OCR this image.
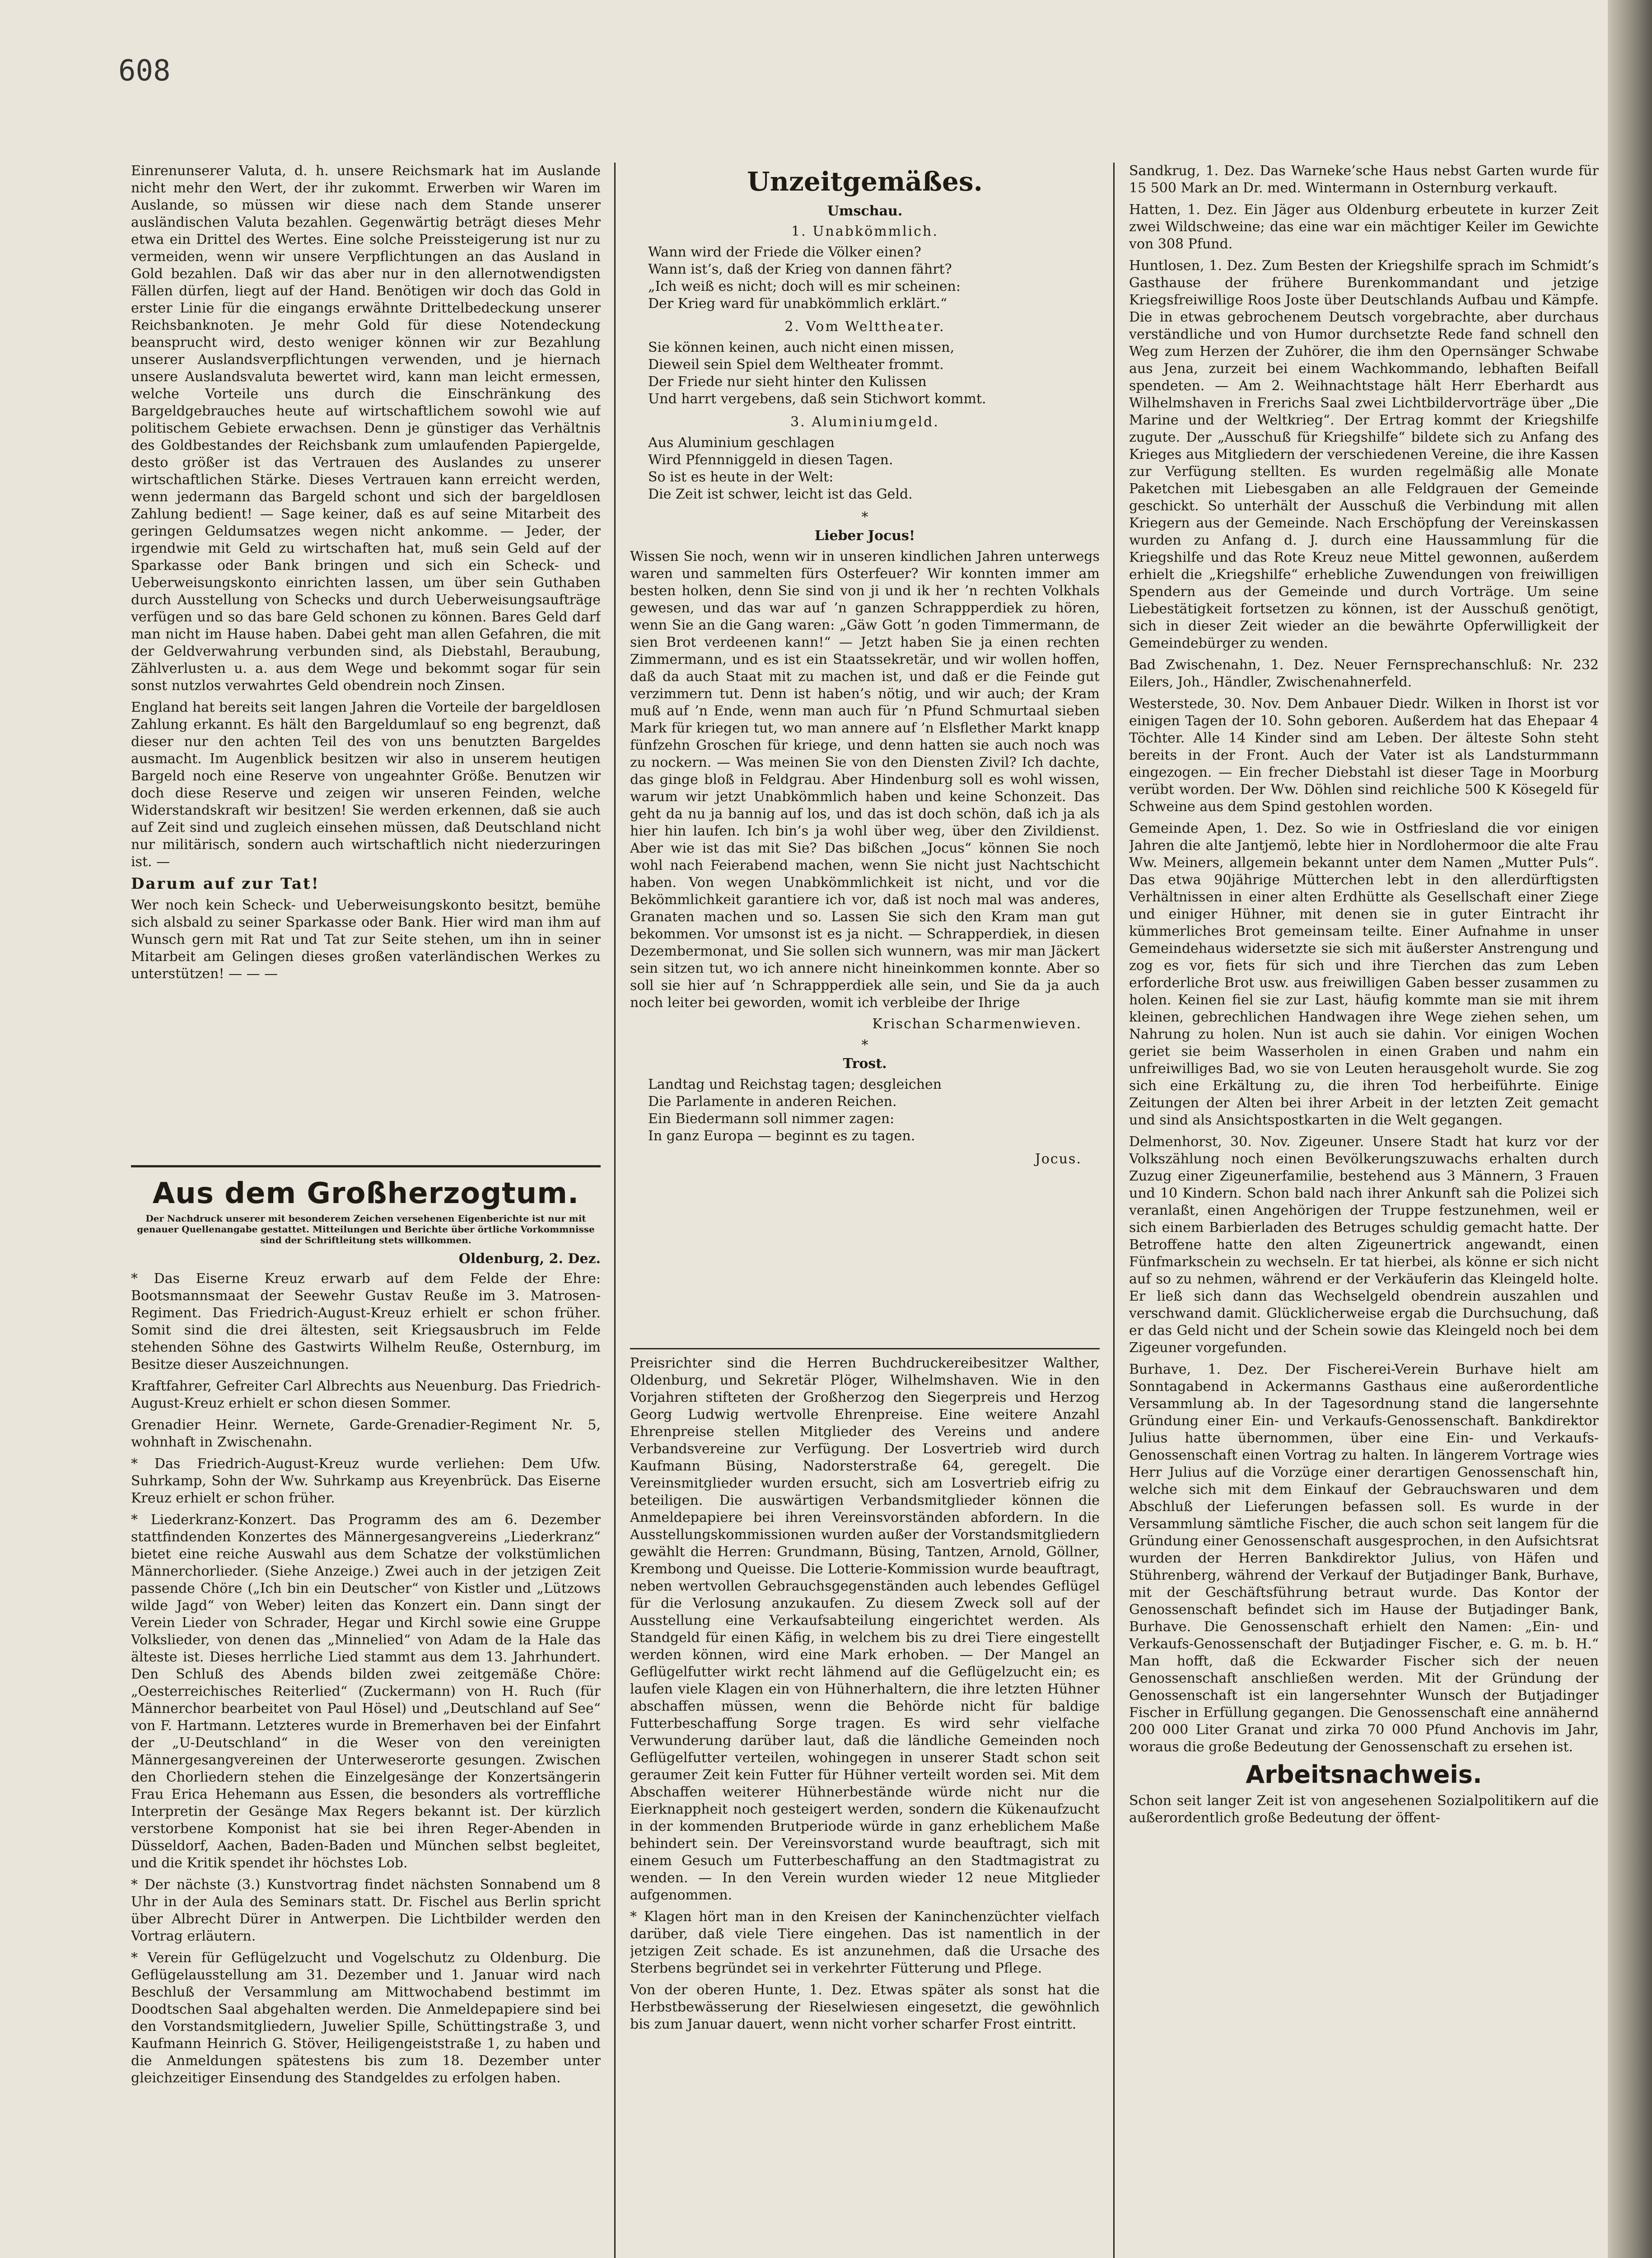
608

Einrenunserer Valuta, d. h. unsere Reichsmark hat im Auslande nicht mehr den Wert, der ihr zukommt. Erwerben wir Waren im Auslande, so müssen wir diese nach dem Stande unserer ausländischen Valuta bezahlen. Gegenwärtig beträgt dieses Mehr etwa ein Drittel des Wertes. Eine solche Preissteigerung ist nur zu vermeiden, wenn wir unsere Verpflichtungen an das Ausland in Gold bezahlen. Daß wir das aber nur in den allernotwendigsten Fällen dürfen, liegt auf der Hand. Benötigen wir doch das Gold in erster Linie für die eingangs erwähnte Drittelbedeckung unserer Reichsbanknoten. Je mehr Gold für diese Notendeckung beansprucht wird, desto weniger können wir zur Bezahlung unserer Auslandsverpflichtungen verwenden, und je hiernach unsere Auslandsvaluta bewertet wird, kann man leicht ermessen, welche Vorteile uns durch die Einschränkung des Bargeldgebrauches heute auf wirtschaftlichem sowohl wie auf politischem Gebiete erwachsen. Denn je günstiger das Verhältnis des Goldbestandes der Reichsbank zum umlaufenden Papiergelde, desto größer ist das Vertrauen des Auslandes zu unserer wirtschaftlichen Stärke. Dieses Vertrauen kann erreicht werden, wenn jedermann das Bargeld schont und sich der bargeldlosen Zahlung bedient! — Sage keiner, daß es auf seine Mitarbeit des geringen Geldumsatzes wegen nicht ankomme. — Jeder, der irgendwie mit Geld zu wirtschaften hat, muß sein Geld auf der Sparkasse oder Bank bringen und sich ein Scheck- und Ueberweisungskonto einrichten lassen, um über sein Guthaben durch Ausstellung von Schecks und durch Ueberweisungsaufträge verfügen und so das bare Geld schonen zu können. Bares Geld darf man nicht im Hause haben. Dabei geht man allen Gefahren, die mit der Geldverwahrung verbunden sind, als Diebstahl, Beraubung, Zählverlusten u. a. aus dem Wege und bekommt sogar für sein sonst nutzlos verwahrtes Geld obendrein noch Zinsen.

England hat bereits seit langen Jahren die Vorteile der bargeldlosen Zahlung erkannt. Es hält den Bargeldumlauf so eng begrenzt, daß dieser nur den achten Teil des von uns benutzten Bargeldes ausmacht. Im Augenblick besitzen wir also in unserem heutigen Bargeld noch eine Reserve von ungeahnter Größe. Benutzen wir doch diese Reserve und zeigen wir unseren Feinden, welche Widerstandskraft wir besitzen! Sie werden erkennen, daß sie auch auf Zeit sind und zugleich einsehen müssen, daß Deutschland nicht nur militärisch, sondern auch wirtschaftlich nicht niederzuringen ist. —

Darum auf zur Tat!

Wer noch kein Scheck- und Ueberweisungskonto besitzt, bemühe sich alsbald zu seiner Sparkasse oder Bank. Hier wird man ihm auf Wunsch gern mit Rat und Tat zur Seite stehen, um ihn in seiner Mitarbeit am Gelingen dieses großen vaterländischen Werkes zu unterstützen! — — —

Aus dem Großherzogtum.
Der Nachdruck unserer mit besonderem Zeichen versehenen Eigenberichte ist nur mit genauer Quellenangabe gestattet. Mitteilungen und Berichte über örtliche Vorkommnisse sind der Schriftleitung stets willkommen.
Oldenburg, 2. Dez.

* Das Eiserne Kreuz erwarb auf dem Felde der Ehre: Bootsmannsmaat der Seewehr Gustav Reuße im 3. Matrosen-Regiment. Das Friedrich-August-Kreuz erhielt er schon früher. Somit sind die drei ältesten, seit Kriegsausbruch im Felde stehenden Söhne des Gastwirts Wilhelm Reuße, Osternburg, im Besitze dieser Auszeichnungen.

Kraftfahrer, Gefreiter Carl Albrechts aus Neuenburg. Das Friedrich-August-Kreuz erhielt er schon diesen Sommer.

Grenadier Heinr. Wernete, Garde-Grenadier-Regiment Nr. 5, wohnhaft in Zwischenahn.

* Das Friedrich-August-Kreuz wurde verliehen: Dem Ufw. Suhrkamp, Sohn der Ww. Suhrkamp aus Kreyenbrück. Das Eiserne Kreuz erhielt er schon früher.

* Liederkranz-Konzert. Das Programm des am 6. Dezember stattfindenden Konzertes des Männergesangvereins „Liederkranz“ bietet eine reiche Auswahl aus dem Schatze der volkstümlichen Männerchorlieder. (Siehe Anzeige.) Zwei auch in der jetzigen Zeit passende Chöre („Ich bin ein Deutscher“ von Kistler und „Lützows wilde Jagd“ von Weber) leiten das Konzert ein. Dann singt der Verein Lieder von Schrader, Hegar und Kirchl sowie eine Gruppe Volkslieder, von denen das „Minnelied“ von Adam de la Hale das älteste ist. Dieses herrliche Lied stammt aus dem 13. Jahrhundert. Den Schluß des Abends bilden zwei zeitgemäße Chöre: „Oesterreichisches Reiterlied“ (Zuckermann) von H. Ruch (für Männerchor bearbeitet von Paul Hösel) und „Deutschland auf See“ von F. Hartmann. Letzteres wurde in Bremerhaven bei der Einfahrt der „U-Deutschland“ in die Weser von den vereinigten Männergesangvereinen der Unterweserorte gesungen. Zwischen den Chorliedern stehen die Einzelgesänge der Konzertsängerin Frau Erica Hehemann aus Essen, die besonders als vortreffliche Interpretin der Gesänge Max Regers bekannt ist. Der kürzlich verstorbene Komponist hat sie bei ihren Reger-Abenden in Düsseldorf, Aachen, Baden-Baden und München selbst begleitet, und die Kritik spendet ihr höchstes Lob.

* Der nächste (3.) Kunstvortrag findet nächsten Sonnabend um 8 Uhr in der Aula des Seminars statt. Dr. Fischel aus Berlin spricht über Albrecht Dürer in Antwerpen. Die Lichtbilder werden den Vortrag erläutern.

* Verein für Geflügelzucht und Vogelschutz zu Oldenburg. Die Geflügelausstellung am 31. Dezember und 1. Januar wird nach Beschluß der Versammlung am Mittwochabend bestimmt im Doodtschen Saal abgehalten werden. Die Anmeldepapiere sind bei den Vorstandsmitgliedern, Juwelier Spille, Schüttingstraße 3, und Kaufmann Heinrich G. Stöver, Heiligengeiststraße 1, zu haben und die Anmeldungen spätestens bis zum 18. Dezember unter gleichzeitiger Einsendung des Standgeldes zu erfolgen haben.

Unzeitgemäßes.
Umschau.
1. Unabkömmlich.
Wann wird der Friede die Völker einen?
Wann ist’s, daß der Krieg von dannen fährt?
„Ich weiß es nicht; doch will es mir scheinen:
Der Krieg ward für unabkömmlich erklärt.“
2. Vom Welttheater.
Sie können keinen, auch nicht einen missen,
Dieweil sein Spiel dem Weltheater frommt.
Der Friede nur sieht hinter den Kulissen
Und harrt vergebens, daß sein Stichwort kommt.
3. Aluminiumgeld.
Aus Aluminium geschlagen
Wird Pfennniggeld in diesen Tagen.
So ist es heute in der Welt:
Die Zeit ist schwer, leicht ist das Geld.
*
Lieber Jocus!

Wissen Sie noch, wenn wir in unseren kindlichen Jahren unterwegs waren und sammelten fürs Osterfeuer? Wir konnten immer am besten holken, denn Sie sind von ji und ik her ’n rechten Volkhals gewesen, und das war auf ’n ganzen Schrappperdiek zu hören, wenn Sie an die Gang waren: „Gäw Gott ’n goden Timmermann, de sien Brot verdeenen kann!“ — Jetzt haben Sie ja einen rechten Zimmermann, und es ist ein Staatssekretär, und wir wollen hoffen, daß da auch Staat mit zu machen ist, und daß er die Feinde gut verzimmern tut. Denn ist haben’s nötig, und wir auch; der Kram muß auf ’n Ende, wenn man auch für ’n Pfund Schmurtaal sieben Mark für kriegen tut, wo man annere auf ’n Elsflether Markt knapp fünfzehn Groschen für kriege, und denn hatten sie auch noch was zu nockern. — Was meinen Sie von den Diensten Zivil? Ich dachte, das ginge bloß in Feldgrau. Aber Hindenburg soll es wohl wissen, warum wir jetzt Unabkömmlich haben und keine Schonzeit. Das geht da nu ja bannig auf los, und das ist doch schön, daß ich ja als hier hin laufen. Ich bin’s ja wohl über weg, über den Zivildienst. Aber wie ist das mit Sie? Das bißchen „Jocus“ können Sie noch wohl nach Feierabend machen, wenn Sie nicht just Nachtschicht haben. Von wegen Unabkömmlichkeit ist nicht, und vor die Bekömmlichkeit garantiere ich vor, daß ist noch mal was anderes, Granaten machen und so. Lassen Sie sich den Kram man gut bekommen. Vor umsonst ist es ja nicht. — Schrapperdiek, in diesen Dezembermonat, und Sie sollen sich wunnern, was mir man Jäckert sein sitzen tut, wo ich annere nicht hineinkommen konnte. Aber so soll sie hier auf ’n Schrappperdiek alle sein, und Sie da ja auch noch leiter bei geworden, womit ich verbleibe der Ihrige

Krischan Scharmenwieven.
*
Trost.
Landtag und Reichstag tagen; desgleichen
Die Parlamente in anderen Reichen.
Ein Biedermann soll nimmer zagen:
In ganz Europa — beginnt es zu tagen.
Jocus.

Preisrichter sind die Herren Buchdruckereibesitzer Walther, Oldenburg, und Sekretär Plöger, Wilhelmshaven. Wie in den Vorjahren stifteten der Großherzog den Siegerpreis und Herzog Georg Ludwig wertvolle Ehrenpreise. Eine weitere Anzahl Ehrenpreise stellen Mitglieder des Vereins und andere Verbandsvereine zur Verfügung. Der Losvertrieb wird durch Kaufmann Büsing, Nadorsterstraße 64, geregelt. Die Vereinsmitglieder wurden ersucht, sich am Losvertrieb eifrig zu beteiligen. Die auswärtigen Verbandsmitglieder können die Anmeldepapiere bei ihren Vereinsvorständen abfordern. In die Ausstellungskommissionen wurden außer der Vorstandsmitgliedern gewählt die Herren: Grundmann, Büsing, Tantzen, Arnold, Göllner, Krembong und Queisse. Die Lotterie-Kommission wurde beauftragt, neben wertvollen Gebrauchsgegenständen auch lebendes Geflügel für die Verlosung anzukaufen. Zu diesem Zweck soll auf der Ausstellung eine Verkaufsabteilung eingerichtet werden. Als Standgeld für einen Käfig, in welchem bis zu drei Tiere eingestellt werden können, wird eine Mark erhoben. — Der Mangel an Geflügelfutter wirkt recht lähmend auf die Geflügelzucht ein; es laufen viele Klagen ein von Hühnerhaltern, die ihre letzten Hühner abschaffen müssen, wenn die Behörde nicht für baldige Futterbeschaffung Sorge tragen. Es wird sehr vielfache Verwunderung darüber laut, daß die ländliche Gemeinden noch Geflügelfutter verteilen, wohingegen in unserer Stadt schon seit geraumer Zeit kein Futter für Hühner verteilt worden sei. Mit dem Abschaffen weiterer Hühnerbestände würde nicht nur die Eierknappheit noch gesteigert werden, sondern die Kükenaufzucht in der kommenden Brutperiode würde in ganz erheblichem Maße behindert sein. Der Vereinsvorstand wurde beauftragt, sich mit einem Gesuch um Futterbeschaffung an den Stadtmagistrat zu wenden. — In den Verein wurden wieder 12 neue Mitglieder aufgenommen.

* Klagen hört man in den Kreisen der Kaninchenzüchter vielfach darüber, daß viele Tiere eingehen. Das ist namentlich in der jetzigen Zeit schade. Es ist anzunehmen, daß die Ursache des Sterbens begründet sei in verkehrter Fütterung und Pflege.

Von der oberen Hunte, 1. Dez. Etwas später als sonst hat die Herbstbewässerung der Rieselwiesen eingesetzt, die gewöhnlich bis zum Januar dauert, wenn nicht vorher scharfer Frost eintritt.

Sandkrug, 1. Dez. Das Warneke’sche Haus nebst Garten wurde für 15 500 Mark an Dr. med. Wintermann in Osternburg verkauft.

Hatten, 1. Dez. Ein Jäger aus Oldenburg erbeutete in kurzer Zeit zwei Wildschweine; das eine war ein mächtiger Keiler im Gewichte von 308 Pfund.

Huntlosen, 1. Dez. Zum Besten der Kriegshilfe sprach im Schmidt’s Gasthause der frühere Burenkommandant und jetzige Kriegsfreiwillige Roos Joste über Deutschlands Aufbau und Kämpfe. Die in etwas gebrochenem Deutsch vorgebrachte, aber durchaus verständliche und von Humor durchsetzte Rede fand schnell den Weg zum Herzen der Zuhörer, die ihm den Opernsänger Schwabe aus Jena, zurzeit bei einem Wachkommando, lebhaften Beifall spendeten. — Am 2. Weihnachtstage hält Herr Eberhardt aus Wilhelmshaven in Frerichs Saal zwei Lichtbildervorträge über „Die Marine und der Weltkrieg“. Der Ertrag kommt der Kriegshilfe zugute. Der „Ausschuß für Kriegshilfe“ bildete sich zu Anfang des Krieges aus Mitgliedern der verschiedenen Vereine, die ihre Kassen zur Verfügung stellten. Es wurden regelmäßig alle Monate Paketchen mit Liebesgaben an alle Feldgrauen der Gemeinde geschickt. So unterhält der Ausschuß die Verbindung mit allen Kriegern aus der Gemeinde. Nach Erschöpfung der Vereinskassen wurden zu Anfang d. J. durch eine Haussammlung für die Kriegshilfe und das Rote Kreuz neue Mittel gewonnen, außerdem erhielt die „Kriegshilfe“ erhebliche Zuwendungen von freiwilligen Spendern aus der Gemeinde und durch Vorträge. Um seine Liebestätigkeit fortsetzen zu können, ist der Ausschuß genötigt, sich in dieser Zeit wieder an die bewährte Opferwilligkeit der Gemeindebürger zu wenden.

Bad Zwischenahn, 1. Dez. Neuer Fernsprechanschluß: Nr. 232 Eilers, Joh., Händler, Zwischenahnerfeld.

Westerstede, 30. Nov. Dem Anbauer Diedr. Wilken in Ihorst ist vor einigen Tagen der 10. Sohn geboren. Außerdem hat das Ehepaar 4 Töchter. Alle 14 Kinder sind am Leben. Der älteste Sohn steht bereits in der Front. Auch der Vater ist als Landsturmmann eingezogen. — Ein frecher Diebstahl ist dieser Tage in Moorburg verübt worden. Der Ww. Döhlen sind reichliche 500 K Kösegeld für Schweine aus dem Spind gestohlen worden.

Gemeinde Apen, 1. Dez. So wie in Ostfriesland die vor einigen Jahren die alte Jantjemö, lebte hier in Nordlohermoor die alte Frau Ww. Meiners, allgemein bekannt unter dem Namen „Mutter Puls“. Das etwa 90jährige Mütterchen lebt in den allerdürftigsten Verhältnissen in einer alten Erdhütte als Gesellschaft einer Ziege und einiger Hühner, mit denen sie in guter Eintracht ihr kümmerliches Brot gemeinsam teilte. Einer Aufnahme in unser Gemeindehaus widersetzte sie sich mit äußerster Anstrengung und zog es vor, fiets für sich und ihre Tierchen das zum Leben erforderliche Brot usw. aus freiwilligen Gaben besser zusammen zu holen. Keinen fiel sie zur Last, häufig kommte man sie mit ihrem kleinen, gebrechlichen Handwagen ihre Wege ziehen sehen, um Nahrung zu holen. Nun ist auch sie dahin. Vor einigen Wochen geriet sie beim Wasserholen in einen Graben und nahm ein unfreiwilliges Bad, wo sie von Leuten herausgeholt wurde. Sie zog sich eine Erkältung zu, die ihren Tod herbeiführte. Einige Zeitungen der Alten bei ihrer Arbeit in der letzten Zeit gemacht und sind als Ansichtspostkarten in die Welt gegangen.

Delmenhorst, 30. Nov. Zigeuner. Unsere Stadt hat kurz vor der Volkszählung noch einen Bevölkerungszuwachs erhalten durch Zuzug einer Zigeunerfamilie, bestehend aus 3 Männern, 3 Frauen und 10 Kindern. Schon bald nach ihrer Ankunft sah die Polizei sich veranlaßt, einen Angehörigen der Truppe festzunehmen, weil er sich einem Barbierladen des Betruges schuldig gemacht hatte. Der Betroffene hatte den alten Zigeunertrick angewandt, einen Fünfmarkschein zu wechseln. Er tat hierbei, als könne er sich nicht auf so zu nehmen, während er der Verkäuferin das Kleingeld holte. Er ließ sich dann das Wechselgeld obendrein auszahlen und verschwand damit. Glücklicherweise ergab die Durchsuchung, daß er das Geld nicht und der Schein sowie das Kleingeld noch bei dem Zigeuner vorgefunden.

Burhave, 1. Dez. Der Fischerei-Verein Burhave hielt am Sonntagabend in Ackermanns Gasthaus eine außerordentliche Versammlung ab. In der Tagesordnung stand die langersehnte Gründung einer Ein- und Verkaufs-Genossenschaft. Bankdirektor Julius hatte übernommen, über eine Ein- und Verkaufs-Genossenschaft einen Vortrag zu halten. In längerem Vortrage wies Herr Julius auf die Vorzüge einer derartigen Genossenschaft hin, welche sich mit dem Einkauf der Gebrauchswaren und dem Abschluß der Lieferungen befassen soll. Es wurde in der Versammlung sämtliche Fischer, die auch schon seit langem für die Gründung einer Genossenschaft ausgesprochen, in den Aufsichtsrat wurden der Herren Bankdirektor Julius, von Häfen und Stührenberg, während der Verkauf der Butjadinger Bank, Burhave, mit der Geschäftsführung betraut wurde. Das Kontor der Genossenschaft befindet sich im Hause der Butjadinger Bank, Burhave. Die Genossenschaft erhielt den Namen: „Ein- und Verkaufs-Genossenschaft der Butjadinger Fischer, e. G. m. b. H.“ Man hofft, daß die Eckwarder Fischer sich der neuen Genossenschaft anschließen werden. Mit der Gründung der Genossenschaft ist ein langersehnter Wunsch der Butjadinger Fischer in Erfüllung gegangen. Die Genossenschaft eine annähernd 200 000 Liter Granat und zirka 70 000 Pfund Anchovis im Jahr, woraus die große Bedeutung der Genossenschaft zu ersehen ist.

Arbeitsnachweis.

Schon seit langer Zeit ist von angesehenen Sozialpolitikern auf die außerordentlich große Bedeutung der öffent-
